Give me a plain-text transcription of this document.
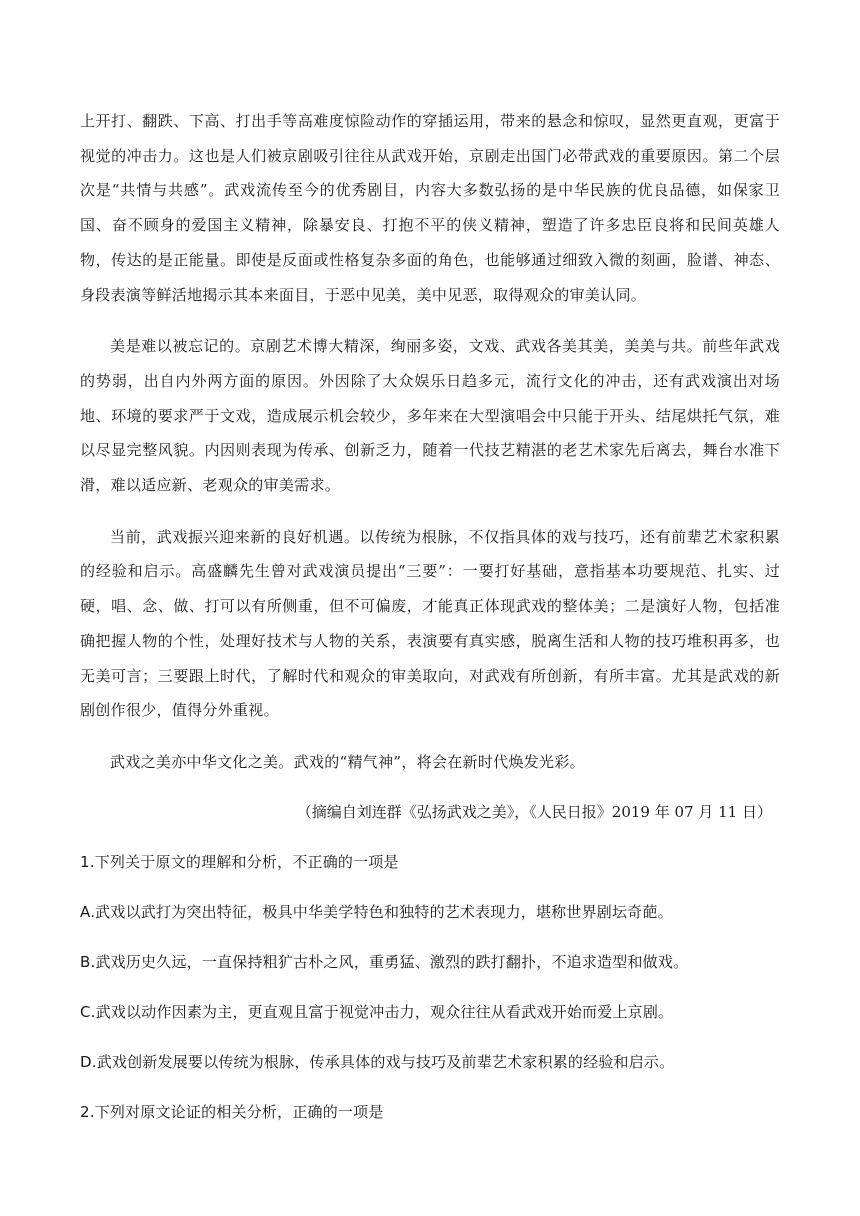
上开打、翻跌、下高、打出手等高难度惊险动作的穿插运用，带来的悬念和惊叹，显然更直观，更富于视觉的冲击力。这也是人们被京剧吸引往往从武戏开始，京剧走出国门必带武戏的重要原因。第二个层次是“共情与共感”。武戏流传至今的优秀剧目，内容大多数弘扬的是中华民族的优良品德，如保家卫国、奋不顾身的爱国主义精神，除暴安良、打抱不平的侠义精神，塑造了许多忠臣良将和民间英雄人物，传达的是正能量。即使是反面或性格复杂多面的角色，也能够通过细致入微的刻画，脸谱、神态、身段表演等鲜活地揭示其本来面目，于恶中见美，美中见恶，取得观众的审美认同。

美是难以被忘记的。京剧艺术博大精深，绚丽多姿，文戏、武戏各美其美，美美与共。前些年武戏的势弱，出自内外两方面的原因。外因除了大众娱乐日趋多元，流行文化的冲击，还有武戏演出对场地、环境的要求严于文戏，造成展示机会较少，多年来在大型演唱会中只能于开头、结尾烘托气氛，难以尽显完整风貌。内因则表现为传承、创新乏力，随着一代技艺精湛的老艺术家先后离去，舞台水准下滑，难以适应新、老观众的审美需求。

当前，武戏振兴迎来新的良好机遇。以传统为根脉，不仅指具体的戏与技巧，还有前辈艺术家积累的经验和启示。高盛麟先生曾对武戏演员提出“三要”：一要打好基础，意指基本功要规范、扎实、过硬，唱、念、做、打可以有所侧重，但不可偏废，才能真正体现武戏的整体美；二是演好人物，包括准确把握人物的个性，处理好技术与人物的关系，表演要有真实感，脱离生活和人物的技巧堆积再多，也无美可言；三要跟上时代，了解时代和观众的审美取向，对武戏有所创新，有所丰富。尤其是武戏的新剧创作很少，值得分外重视。

武戏之美亦中华文化之美。武戏的“精气神”，将会在新时代焕发光彩。

（摘编自刘连群《弘扬武戏之美》，《人民日报》2019 年 07 月 11 日）
1.下列关于原文的理解和分析，不正确的一项是
A.武戏以武打为突出特征，极具中华美学特色和独特的艺术表现力，堪称世界剧坛奇葩。
B.武戏历史久远，一直保持粗犷古朴之风，重勇猛、激烈的跌打翻扑，不追求造型和做戏。
C.武戏以动作因素为主，更直观且富于视觉冲击力，观众往往从看武戏开始而爱上京剧。
D.武戏创新发展要以传统为根脉，传承具体的戏与技巧及前辈艺术家积累的经验和启示。
2.下列对原文论证的相关分析，正确的一项是
